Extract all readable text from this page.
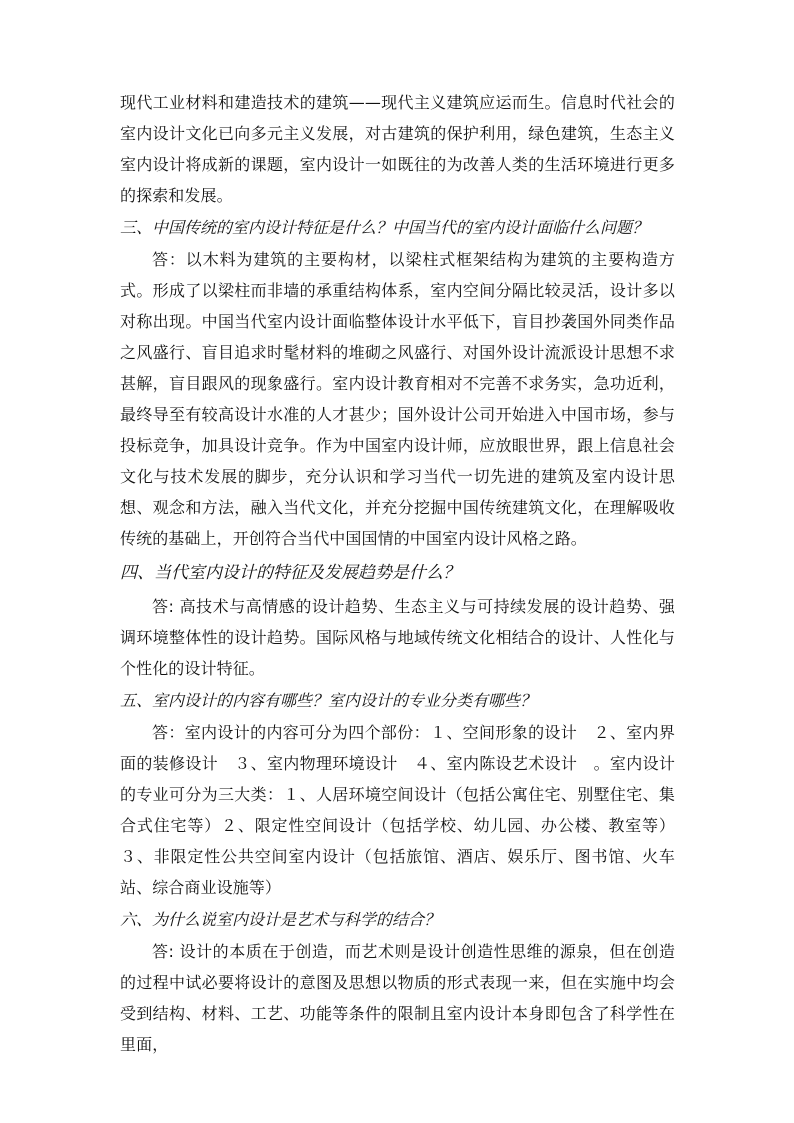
现代工业材料和建造技术的建筑——现代主义建筑应运而生。信息时代社会的室内设计文化已向多元主义发展，对古建筑的保护利用，绿色建筑，生态主义室内设计将成新的课题，室内设计一如既往的为改善人类的生活环境进行更多的探索和发展。

三、中国传统的室内设计特征是什么？中国当代的室内设计面临什么问题？

答：以木料为建筑的主要构材，以梁柱式框架结构为建筑的主要构造方式。形成了以梁柱而非墙的承重结构体系，室内空间分隔比较灵活，设计多以对称出现。中国当代室内设计面临整体设计水平低下，盲目抄袭国外同类作品之风盛行、盲目追求时髦材料的堆砌之风盛行、对国外设计流派设计思想不求甚解，盲目跟风的现象盛行。室内设计教育相对不完善不求务实，急功近利，最终导至有较高设计水准的人才甚少；国外设计公司开始进入中国市场，参与投标竞争，加具设计竞争。作为中国室内设计师，应放眼世界，跟上信息社会文化与技术发展的脚步，充分认识和学习当代一切先进的建筑及室内设计思想、观念和方法，融入当代文化，并充分挖掘中国传统建筑文化，在理解吸收传统的基础上，开创符合当代中国国情的中国室内设计风格之路。

四、当代室内设计的特征及发展趋势是什么？

答: 高技术与高情感的设计趋势、生态主义与可持续发展的设计趋势、强调环境整体性的设计趋势。国际风格与地域传统文化相结合的设计、人性化与个性化的设计特征。

五、室内设计的内容有哪些？室内设计的专业分类有哪些？

答：室内设计的内容可分为四个部份：１、空间形象的设计　２、室内界面的装修设计　３、室内物理环境设计　４、室内陈设艺术设计　。室内设计的专业可分为三大类：１、人居环境空间设计（包括公寓住宅、别墅住宅、集合式住宅等）２、限定性空间设计（包括学校、幼儿园、办公楼、教室等）３、非限定性公共空间室内设计（包括旅馆、酒店、娱乐厅、图书馆、火车站、综合商业设施等）

六、为什么说室内设计是艺术与科学的结合？

答: 设计的本质在于创造，而艺术则是设计创造性思维的源泉，但在创造的过程中试必要将设计的意图及思想以物质的形式表现一来，但在实施中均会受到结构、材料、工艺、功能等条件的限制且室内设计本身即包含了科学性在里面，
